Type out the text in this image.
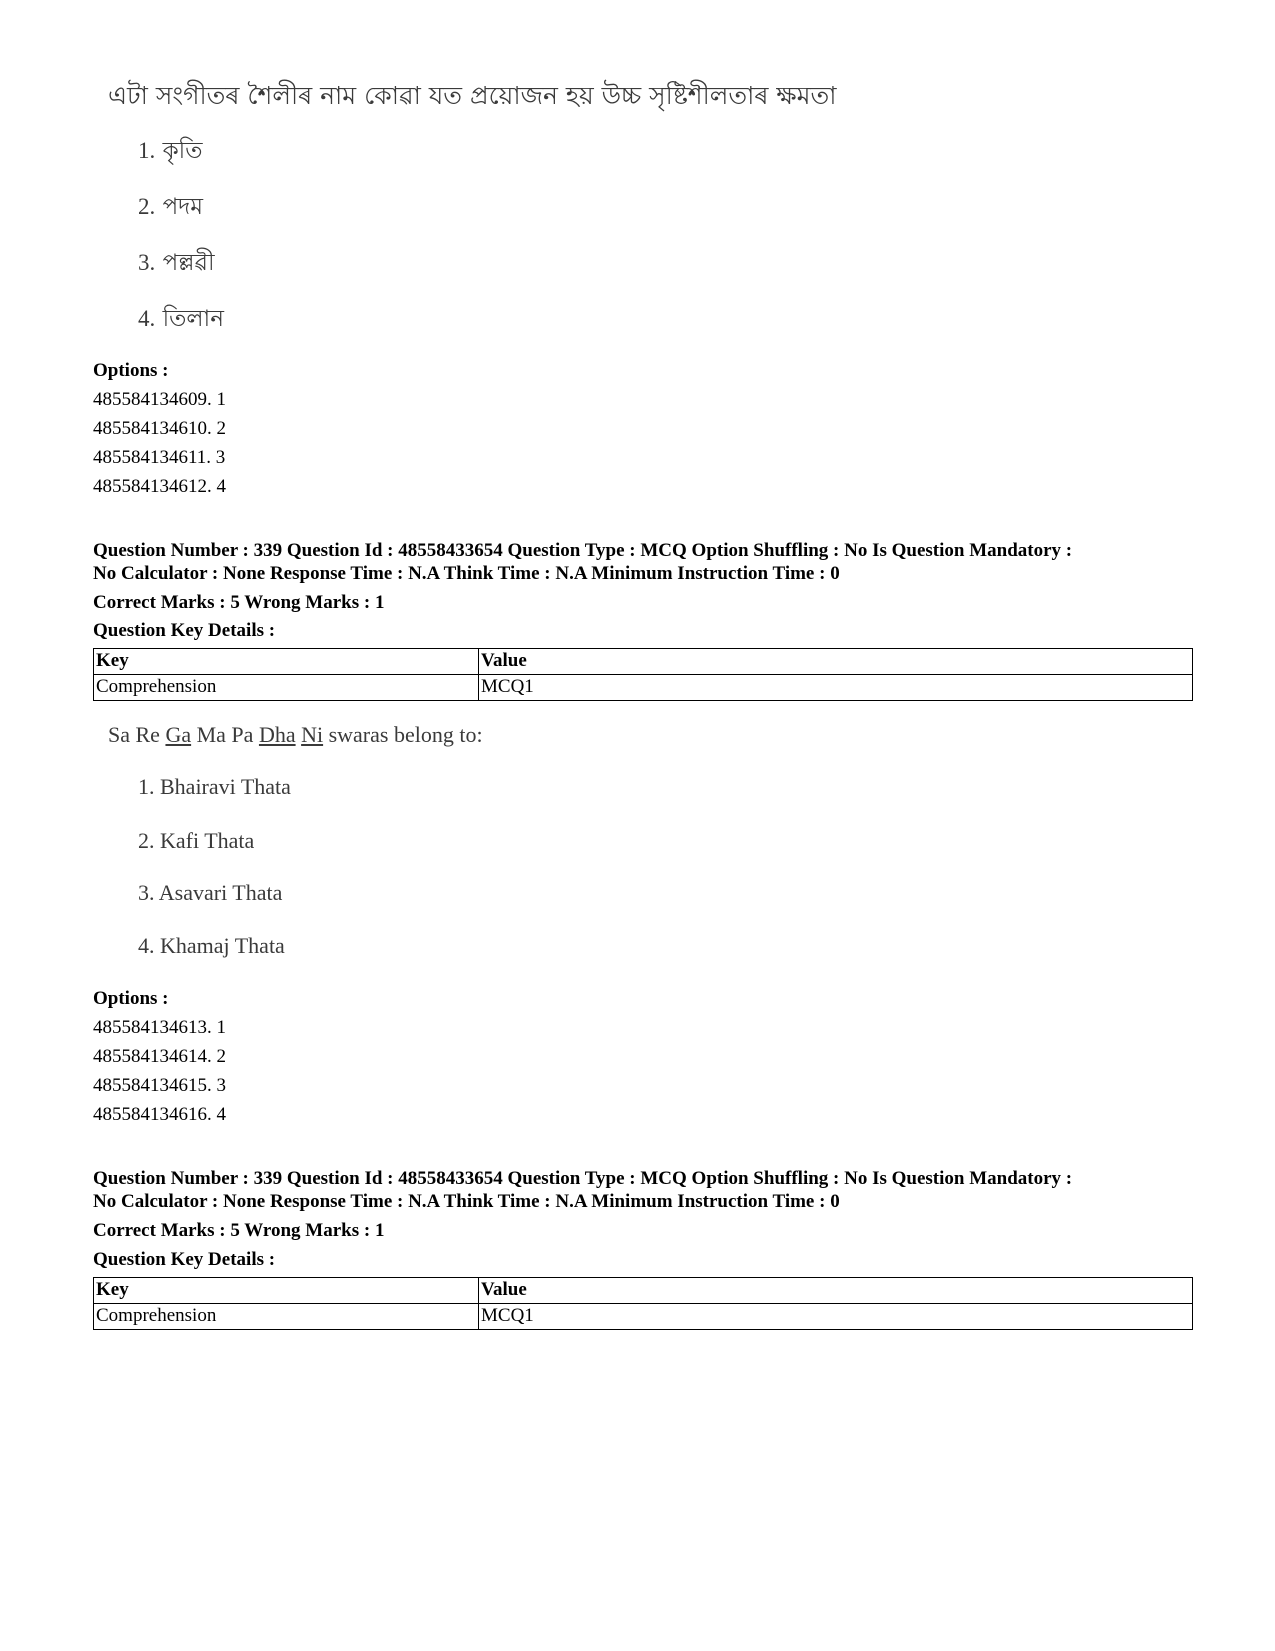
এটা সংগীতৰ শৈলীৰ নাম কোৱা যত প্ৰয়োজন হয় উচ্চ সৃষ্টিশীলতাৰ ক্ষমতা
1. কৃতি
2. পদম
3. পল্লৱী
4. তিলান
Options :
485584134609. 1
485584134610. 2
485584134611. 3
485584134612. 4
Question Number : 339 Question Id : 48558433654 Question Type : MCQ Option Shuffling : No Is Question Mandatory :
No Calculator : None Response Time : N.A Think Time : N.A Minimum Instruction Time : 0
Correct Marks : 5 Wrong Marks : 1
Question Key Details :
Key	Value
Comprehension	MCQ1
Sa Re Ga Ma Pa Dha Ni swaras belong to:
1. Bhairavi Thata
2. Kafi Thata
3. Asavari Thata
4. Khamaj Thata
Options :
485584134613. 1
485584134614. 2
485584134615. 3
485584134616. 4
Question Number : 339 Question Id : 48558433654 Question Type : MCQ Option Shuffling : No Is Question Mandatory :
No Calculator : None Response Time : N.A Think Time : N.A Minimum Instruction Time : 0
Correct Marks : 5 Wrong Marks : 1
Question Key Details :
Key	Value
Comprehension	MCQ1
